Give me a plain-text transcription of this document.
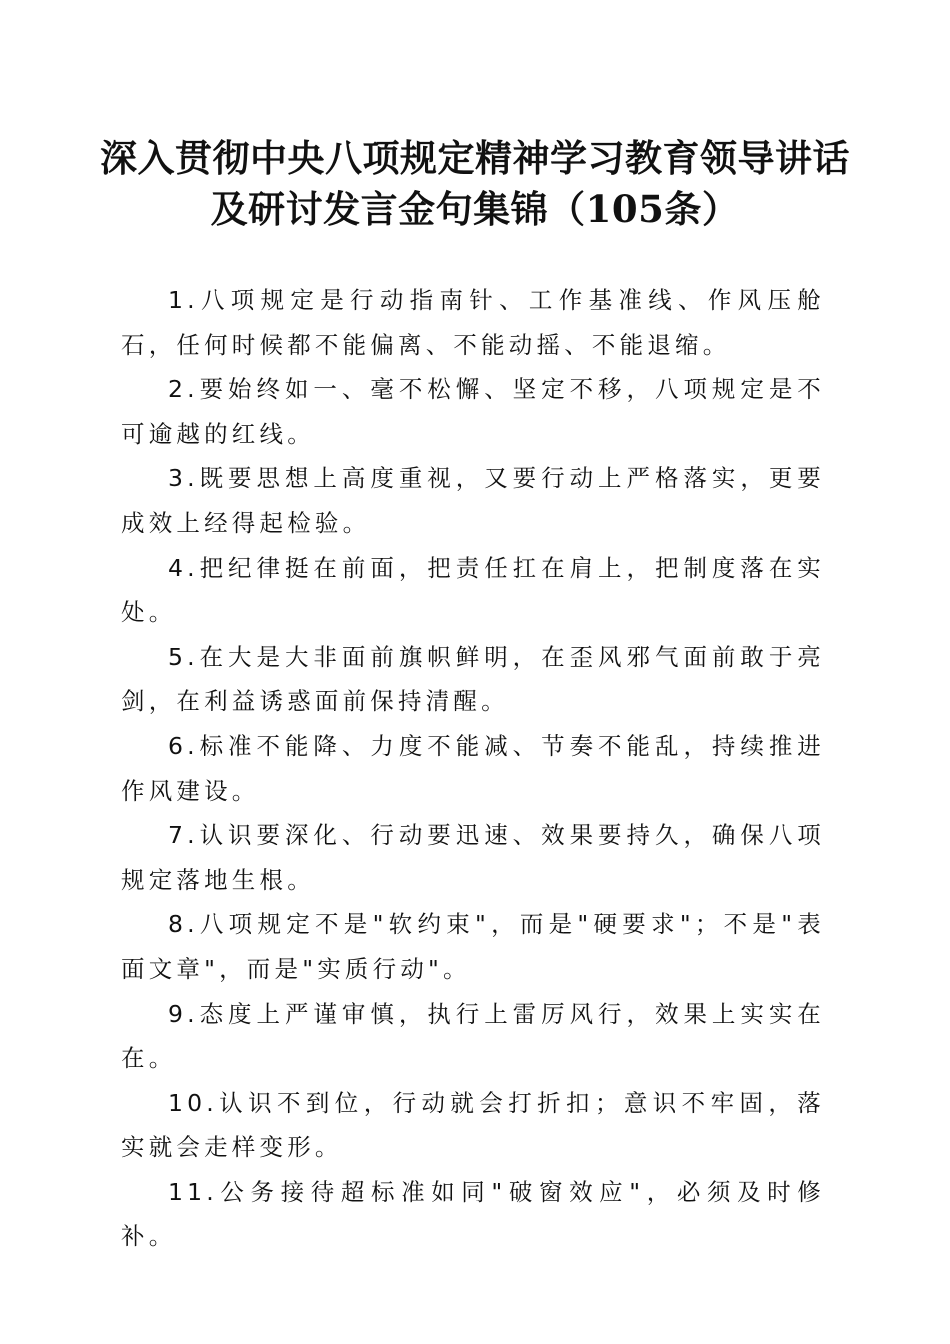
深入贯彻中央八项规定精神学习教育领导讲话
及研讨发言金句集锦（105条）

1.八项规定是行动指南针、工作基准线、作风压舱石，任何时候都不能偏离、不能动摇、不能退缩。

2.要始终如一、毫不松懈、坚定不移，八项规定是不可逾越的红线。

3.既要思想上高度重视，又要行动上严格落实，更要成效上经得起检验。

4.把纪律挺在前面，把责任扛在肩上，把制度落在实处。

5.在大是大非面前旗帜鲜明，在歪风邪气面前敢于亮剑，在利益诱惑面前保持清醒。

6.标准不能降、力度不能减、节奏不能乱，持续推进作风建设。

7.认识要深化、行动要迅速、效果要持久，确保八项规定落地生根。

8.八项规定不是"软约束"，而是"硬要求"；不是"表面文章"，而是"实质行动"。

9.态度上严谨审慎，执行上雷厉风行，效果上实实在在。

10.认识不到位，行动就会打折扣；意识不牢固，落实就会走样变形。

11.公务接待超标准如同"破窗效应"，必须及时修补。
